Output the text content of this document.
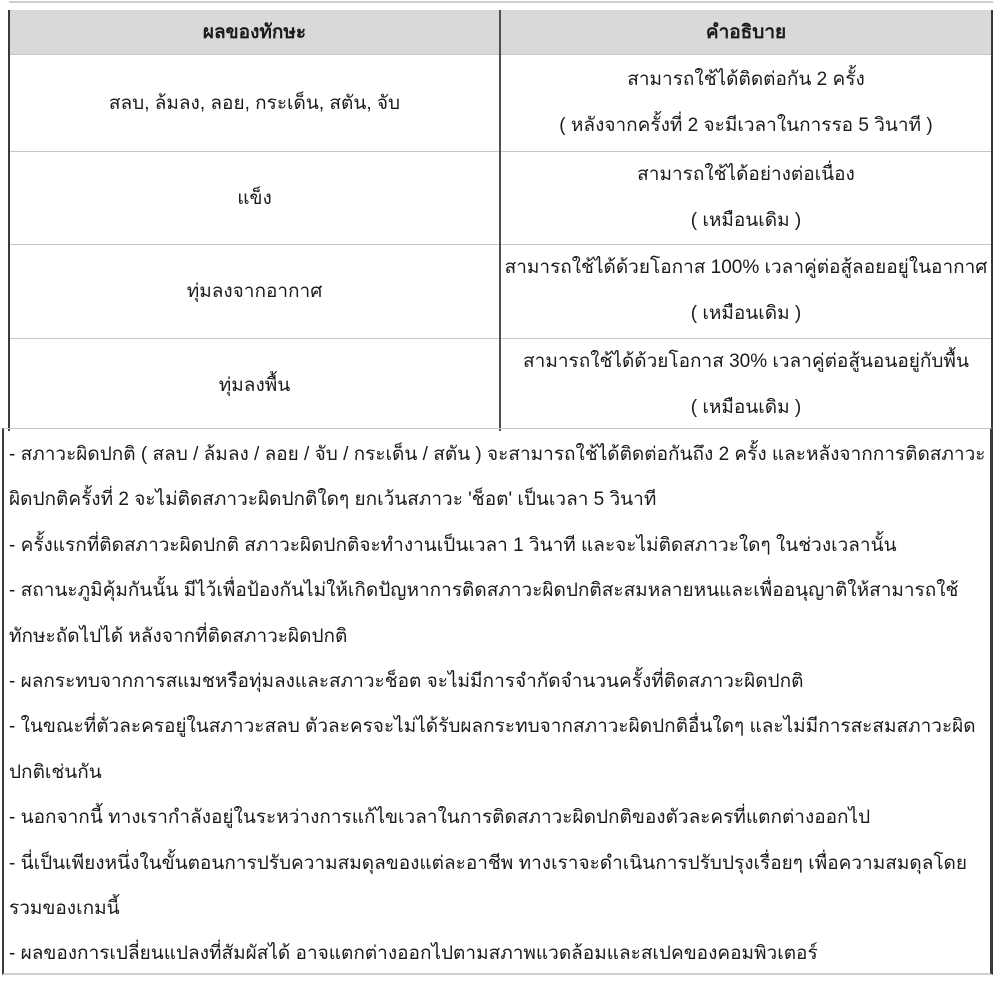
ผลของทักษะ	คำอธิบาย
สลบ, ล้มลง, ลอย, กระเด็น, สตัน, จับ	สามารถใช้ได้ติดต่อกัน 2 ครั้ง
( หลังจากครั้งที่ 2 จะมีเวลาในการรอ 5 วินาที )

แข็ง	สามารถใช้ได้อย่างต่อเนื่อง
( เหมือนเดิม )

ทุ่มลงจากอากาศ	สามารถใช้ได้ด้วยโอกาส 100% เวลาคู่ต่อสู้ลอยอยู่ในอากาศ
( เหมือนเดิม )

ทุ่มลงพื้น	สามารถใช้ได้ด้วยโอกาส 30% เวลาคู่ต่อสู้นอนอยู่กับพื้น
( เหมือนเดิม )

- สภาวะผิดปกติ ( สลบ / ล้มลง / ลอย / จับ / กระเด็น / สตัน ) จะสามารถใช้ได้ติดต่อกันถึง 2 ครั้ง และหลังจากการติดสภาวะผิดปกติครั้งที่ 2 จะไม่ติดสภาวะผิดปกติใดๆ ยกเว้นสภาวะ 'ช็อต' เป็นเวลา 5 วินาที

- ครั้งแรกที่ติดสภาวะผิดปกติ สภาวะผิดปกติจะทำงานเป็นเวลา 1 วินาที และจะไม่ติดสภาวะใดๆ ในช่วงเวลานั้น

- สถานะภูมิคุ้มกันนั้น มีไว้เพื่อป้องกันไม่ให้เกิดปัญหาการติดสภาวะผิดปกติสะสมหลายหนและเพื่ออนุญาติให้สามารถใช้ทักษะถัดไปได้ หลังจากที่ติดสภาวะผิดปกติ

- ผลกระทบจากการสแมชหรือทุ่มลงและสภาวะช็อต จะไม่มีการจำกัดจำนวนครั้งที่ติดสภาวะผิดปกติ

- ในขณะที่ตัวละครอยู่ในสภาวะสลบ ตัวละครจะไม่ได้รับผลกระทบจากสภาวะผิดปกติอื่นใดๆ และไม่มีการสะสมสภาวะผิดปกติเช่นกัน

- นอกจากนี้ ทางเรากำลังอยู่ในระหว่างการแก้ไขเวลาในการติดสภาวะผิดปกติของตัวละครที่แตกต่างออกไป

- นี่เป็นเพียงหนึ่งในขั้นตอนการปรับความสมดุลของแต่ละอาชีพ ทางเราจะดำเนินการปรับปรุงเรื่อยๆ เพื่อความสมดุลโดยรวมของเกมนี้

- ผลของการเปลี่ยนแปลงที่สัมผัสได้ อาจแตกต่างออกไปตามสภาพแวดล้อมและสเปคของคอมพิวเตอร์
